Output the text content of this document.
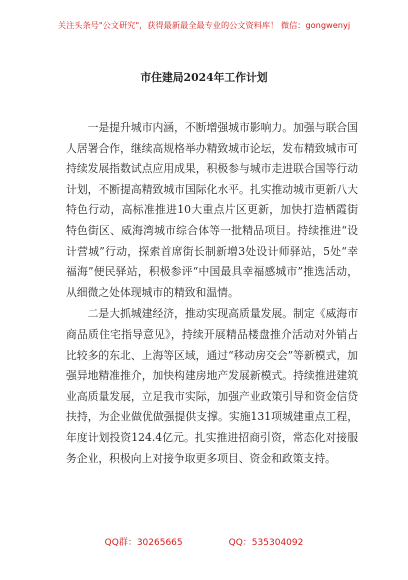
关注头条号"公文研究"，获得最新最全最专业的公文资料库！ 微信：gongwenyj
市住建局2024年工作计划

一是提升城市内涵，不断增强城市影响力。加强与联合国人居署合作，继续高规格举办精致城市论坛，发布精致城市可持续发展指数试点应用成果，积极参与城市走进联合国等行动计划，不断提高精致城市国际化水平。扎实推动城市更新八大特色行动，高标准推进10大重点片区更新，加快打造栖霞街特色街区、威海湾城市综合体等一批精品项目。持续推进“设计营城”行动，探索首席街长制新增3处设计师驿站，5处“幸福海”便民驿站，积极参评“中国最具幸福感城市”推选活动，从细微之处体现城市的精致和温情。

二是大抓城建经济，推动实现高质量发展。制定《威海市商品质住宅指导意见》，持续开展精品楼盘推介活动对外销占比较多的东北、上海等区域，通过“移动房交会”等新模式，加强异地精准推介，加快构建房地产发展新模式。持续推进建筑业高质量发展，立足我市实际，加强产业政策引导和资金信贷扶持，为企业做优做强提供支撑。实施131项城建重点工程，年度计划投资124.4亿元。扎实推进招商引资，常态化对接服务企业，积极向上对接争取更多项目、资金和政策支持。

QQ群：30265665	QQ：535304092
